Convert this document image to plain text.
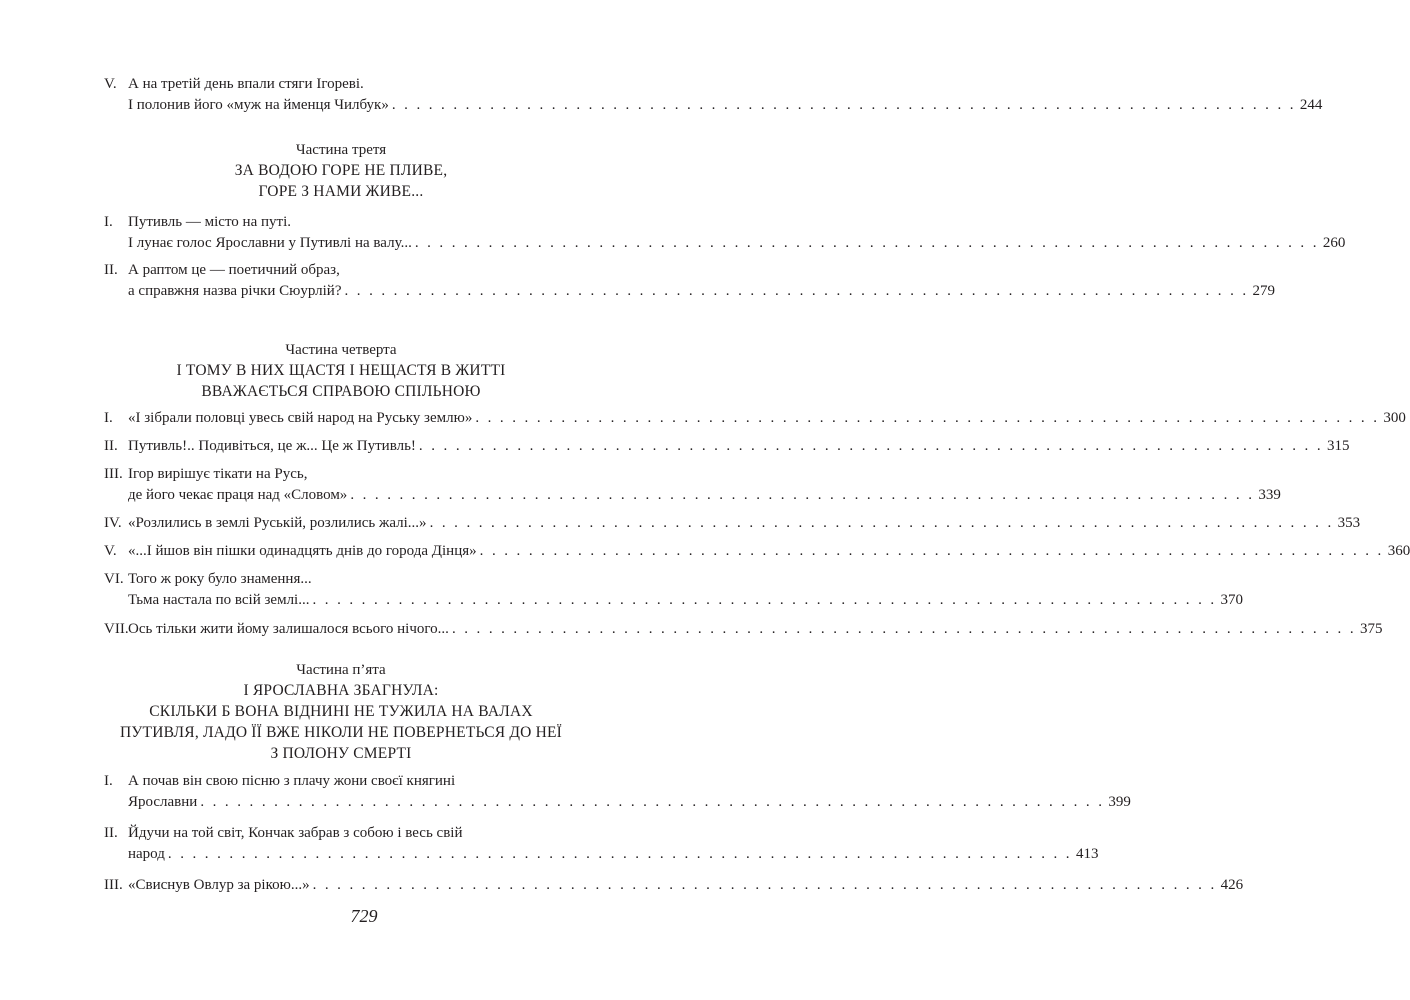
V. А на третій день впали стяги Ігореві.
І полонив його «муж на йменця Чилбук» . . . . . . . . . . . . . . . . . . . . . . . . . . . . . . . . . . . . . . . . . . . . . . . . . . . . . . . . . . . . . . . . . . . . . . . . . . 244
Частина третя
ЗА ВОДОЮ ГОРЕ НЕ ПЛИВЕ,
ГОРЕ З НАМИ ЖИВЕ...
I.	Путивль — місто на путі.
І лунає голос Ярославни у Путивлі на валу... . . . . . . . . . . . . . . . . . . . . . . . . . . . . . . . . . . . . . . . . . . . . . . . . . . . . . . . . . . . . . . . . . . . . . . . . . . 260
II. А раптом це — поетичний образ,
а справжня назва річки Сюурлій? . . . . . . . . . . . . . . . . . . . . . . . . . . . . . . . . . . . . . . . . . . . . . . . . . . . . . . . . . . . . . . . . . . . . . . . . . . 279
Частина четверта
І ТОМУ В НИХ ЩАСТЯ І НЕЩАСТЯ В ЖИТТІ
ВВАЖАЄТЬСЯ СПРАВОЮ СПІЛЬНОЮ
I.	«І зібрали половці увесь свій народ на Руську землю» . . . . . . . . . . . . . . . . . . . . . . . . . . . . . . . . . . . . . . . . . . . . . . . . . . . . . . . . . . . . . . . . . . . . . . . . . . 300
II. Путивль!.. Подивіться, це ж... Це ж Путивль! . . . . . . . . . . . . . . . . . . . . . . . . . . . . . . . . . . . . . . . . . . . . . . . . . . . . . . . . . . . . . . . . . . . . . . . . . . 315
III. Ігор вирішує тікати на Русь,
де його чекає праця над «Словом» . . . . . . . . . . . . . . . . . . . . . . . . . . . . . . . . . . . . . . . . . . . . . . . . . . . . . . . . . . . . . . . . . . . . . . . . . . 339
IV. «Розлились в землі Руській, розлились жалі...» . . . . . . . . . . . . . . . . . . . . . . . . . . . . . . . . . . . . . . . . . . . . . . . . . . . . . . . . . . . . . . . . . . . . . . . . . . 353
V. «...І йшов він пішки одинадцять днів до города Дінця» . . . . . . . . . . . . . . . . . . . . . . . . . . . . . . . . . . . . . . . . . . . . . . . . . . . . . . . . . . . . . . . . . . . . . . . . . . 360
VI. Того ж року було знамення...
Тьма настала по всій землі... . . . . . . . . . . . . . . . . . . . . . . . . . . . . . . . . . . . . . . . . . . . . . . . . . . . . . . . . . . . . . . . . . . . . . . . . . . 370
VII. Ось тільки жити йому залишалося всього нічого... . . . . . . . . . . . . . . . . . . . . . . . . . . . . . . . . . . . . . . . . . . . . . . . . . . . . . . . . . . . . . . . . . . . . . . . . . . 375
Частина п’ята
І ЯРОСЛАВНА ЗБАГНУЛА:
СКІЛЬКИ Б ВОНА ВІДНИНІ НЕ ТУЖИЛА НА ВАЛАХ
ПУТИВЛЯ, ЛАДО ЇЇ ВЖЕ НІКОЛИ НЕ ПОВЕРНЕТЬСЯ ДО НЕЇ
З ПОЛОНУ СМЕРТІ
I.	А почав він свою пісню з плачу жони своєї княгині
Ярославни . . . . . . . . . . . . . . . . . . . . . . . . . . . . . . . . . . . . . . . . . . . . . . . . . . . . . . . . . . . . . . . . . . . . . . . . . . 399
II. Йдучи на той світ, Кончак забрав з собою і весь свій
народ . . . . . . . . . . . . . . . . . . . . . . . . . . . . . . . . . . . . . . . . . . . . . . . . . . . . . . . . . . . . . . . . . . . . . . . . . . 413
III. «Свиснув Овлур за рікою...» . . . . . . . . . . . . . . . . . . . . . . . . . . . . . . . . . . . . . . . . . . . . . . . . . . . . . . . . . . . . . . . . . . . . . . . . . . 426
729
